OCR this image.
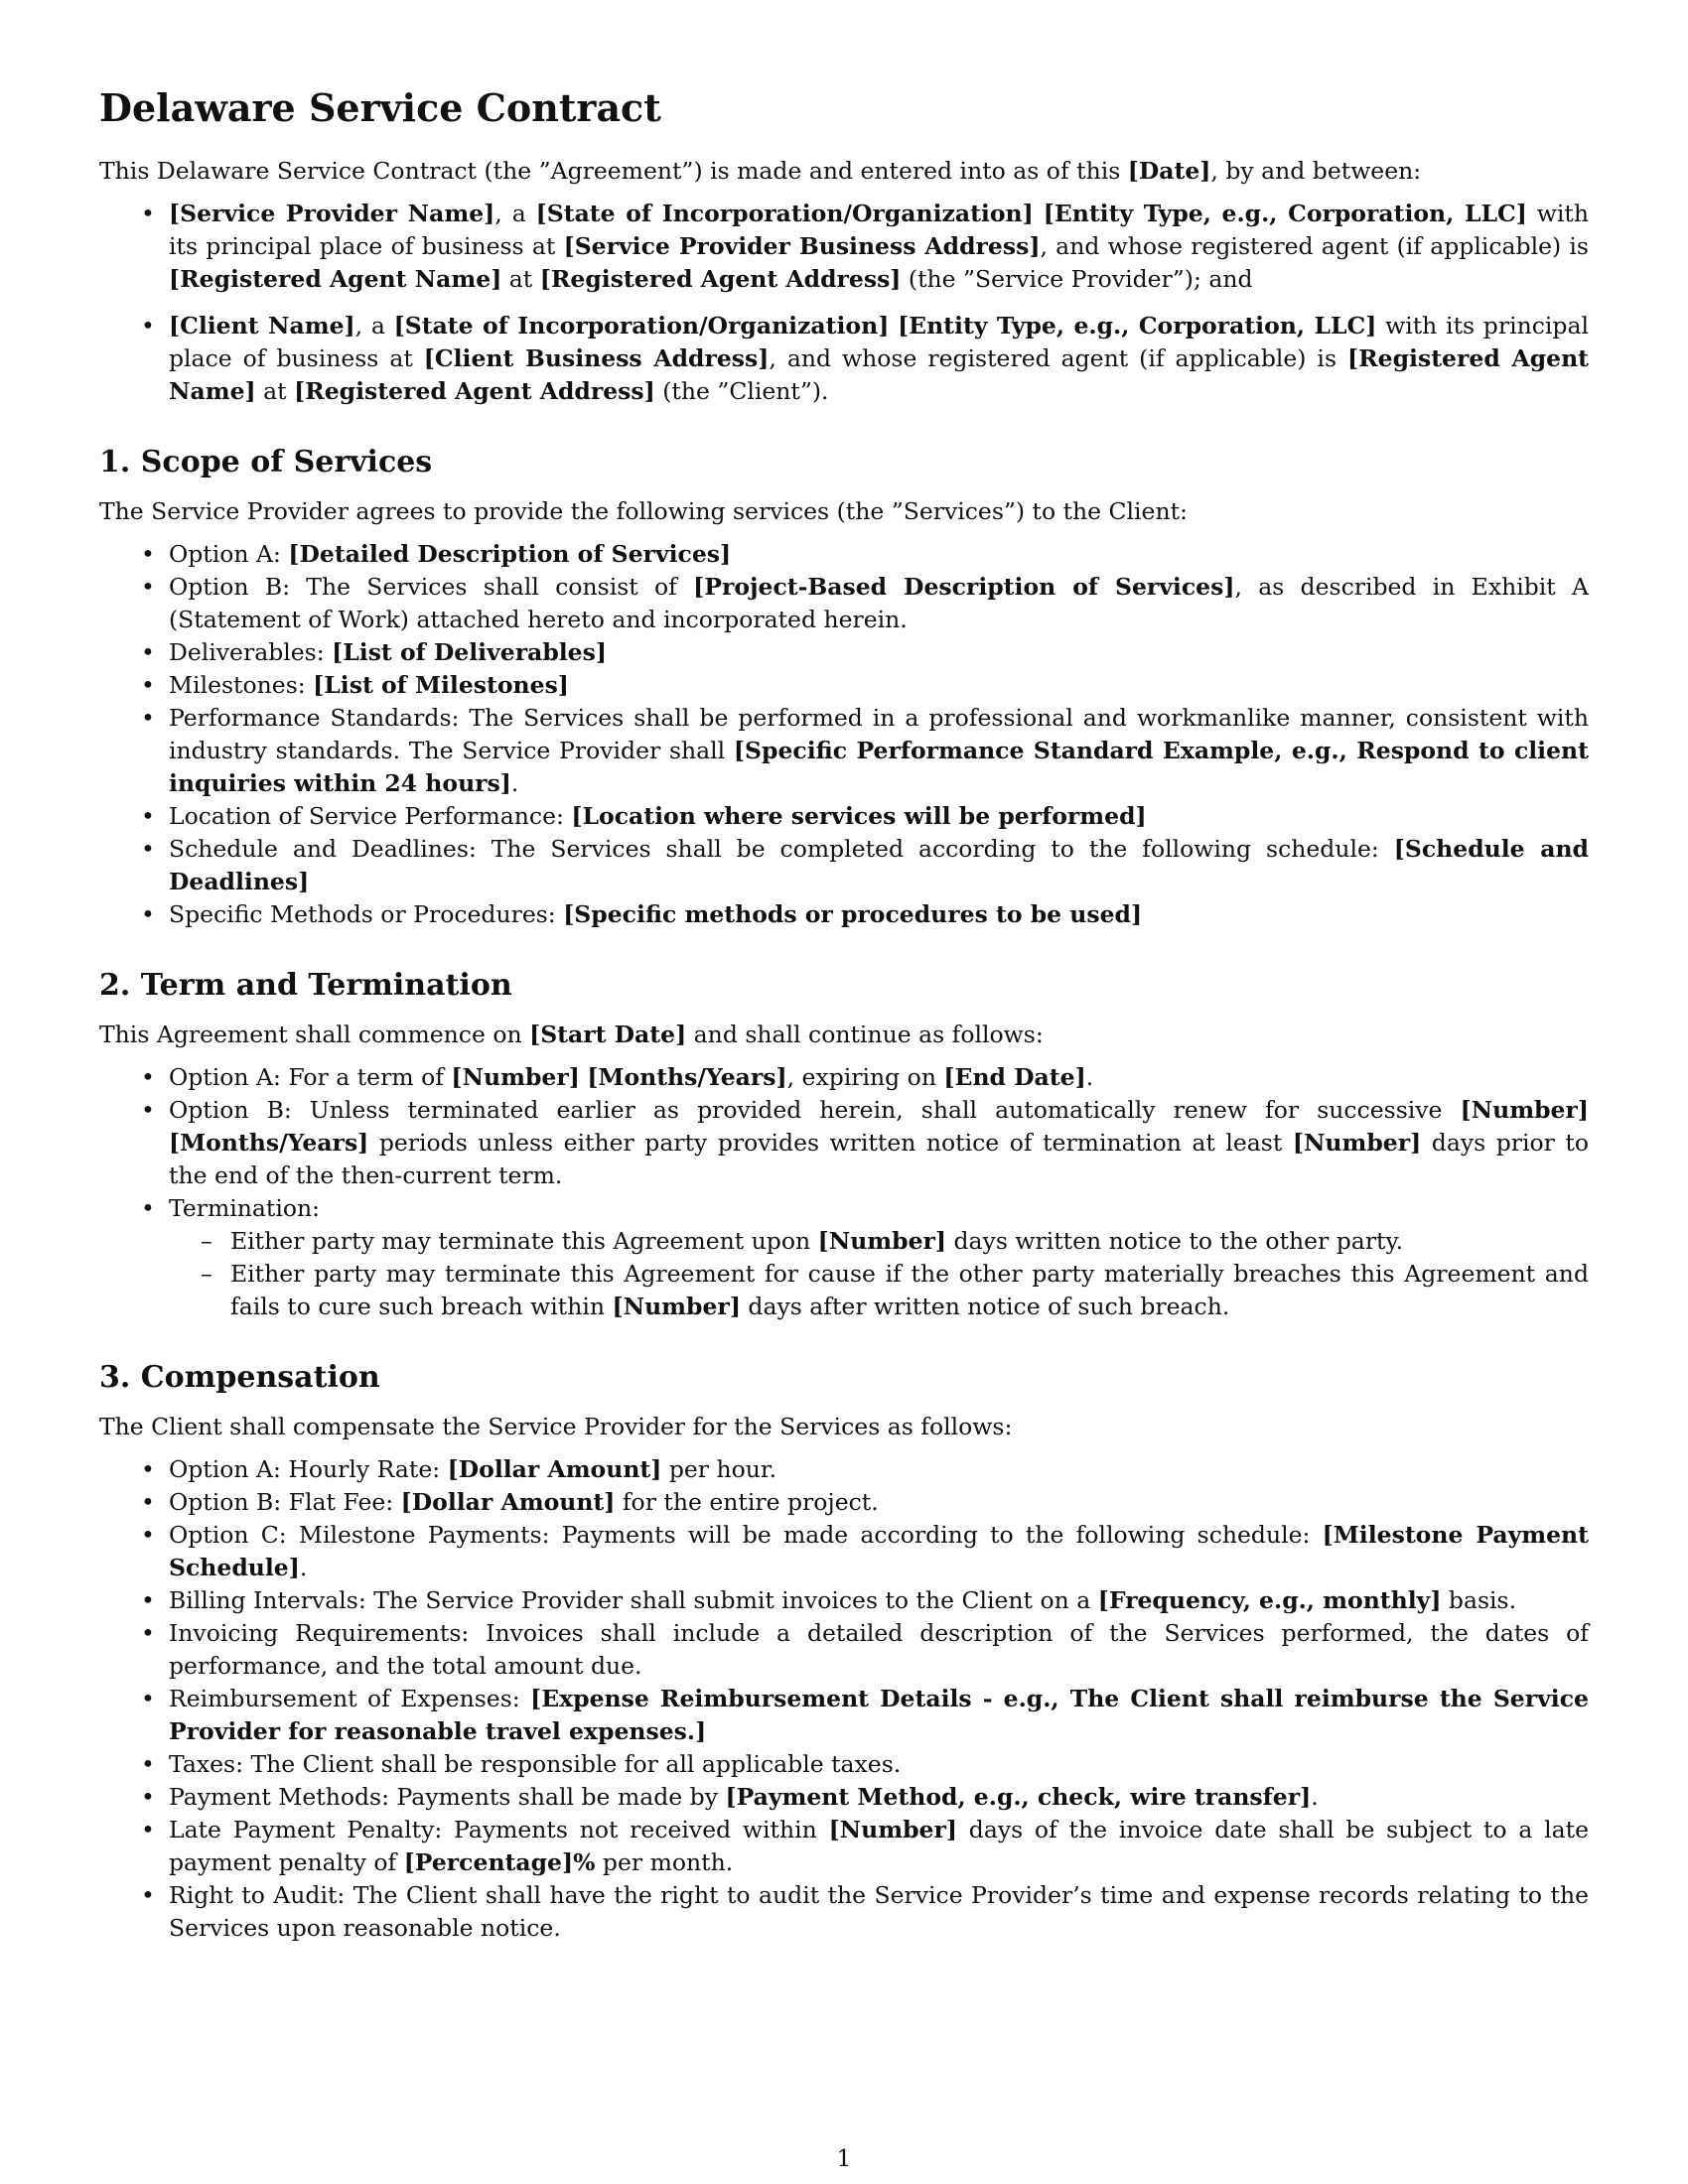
Delaware Service Contract

This Delaware Service Contract (the ”Agreement”) is made and entered into as of this [Date], by and between:

• [Service Provider Name], a [State of Incorporation/Organization] [Entity Type, e.g., Corporation, LLC] with its principal place of business at [Service Provider Business Address], and whose registered agent (if applicable) is [Registered Agent Name] at [Registered Agent Address] (the ”Service Provider”); and
• [Client Name], a [State of Incorporation/Organization] [Entity Type, e.g., Corporation, LLC] with its principal place of business at [Client Business Address], and whose registered agent (if applicable) is [Registered Agent Name] at [Registered Agent Address] (the ”Client”).
1. Scope of Services

The Service Provider agrees to provide the following services (the ”Services”) to the Client:

• Option A: [Detailed Description of Services]
• Option B: The Services shall consist of [Project-Based Description of Services], as described in Exhibit A (Statement of Work) attached hereto and incorporated herein.
• Deliverables: [List of Deliverables]
• Milestones: [List of Milestones]
• Performance Standards: The Services shall be performed in a professional and workmanlike manner, consistent with industry standards. The Service Provider shall [Specific Performance Standard Example, e.g., Respond to client inquiries within 24 hours].
• Location of Service Performance: [Location where services will be performed]
• Schedule and Deadlines: The Services shall be completed according to the following schedule: [Schedule and Deadlines]
• Specific Methods or Procedures: [Specific methods or procedures to be used]
2. Term and Termination

This Agreement shall commence on [Start Date] and shall continue as follows:

• Option A: For a term of [Number] [Months/Years], expiring on [End Date].
• Option B: Unless terminated earlier as provided herein, shall automatically renew for successive [Number] [Months/Years] periods unless either party provides written notice of termination at least [Number] days prior to the end of the then-current term.
• Termination:
– Either party may terminate this Agreement upon [Number] days written notice to the other party.
– Either party may terminate this Agreement for cause if the other party materially breaches this Agreement and fails to cure such breach within [Number] days after written notice of such breach.
3. Compensation

The Client shall compensate the Service Provider for the Services as follows:

• Option A: Hourly Rate: [Dollar Amount] per hour.
• Option B: Flat Fee: [Dollar Amount] for the entire project.
• Option C: Milestone Payments: Payments will be made according to the following schedule: [Milestone Payment Schedule].
• Billing Intervals: The Service Provider shall submit invoices to the Client on a [Frequency, e.g., monthly] basis.
• Invoicing Requirements: Invoices shall include a detailed description of the Services performed, the dates of performance, and the total amount due.
• Reimbursement of Expenses: [Expense Reimbursement Details - e.g., The Client shall reimburse the Service Provider for reasonable travel expenses.]
• Taxes: The Client shall be responsible for all applicable taxes.
• Payment Methods: Payments shall be made by [Payment Method, e.g., check, wire transfer].
• Late Payment Penalty: Payments not received within [Number] days of the invoice date shall be subject to a late payment penalty of [Percentage]% per month.
• Right to Audit: The Client shall have the right to audit the Service Provider’s time and expense records relating to the Services upon reasonable notice.
1
